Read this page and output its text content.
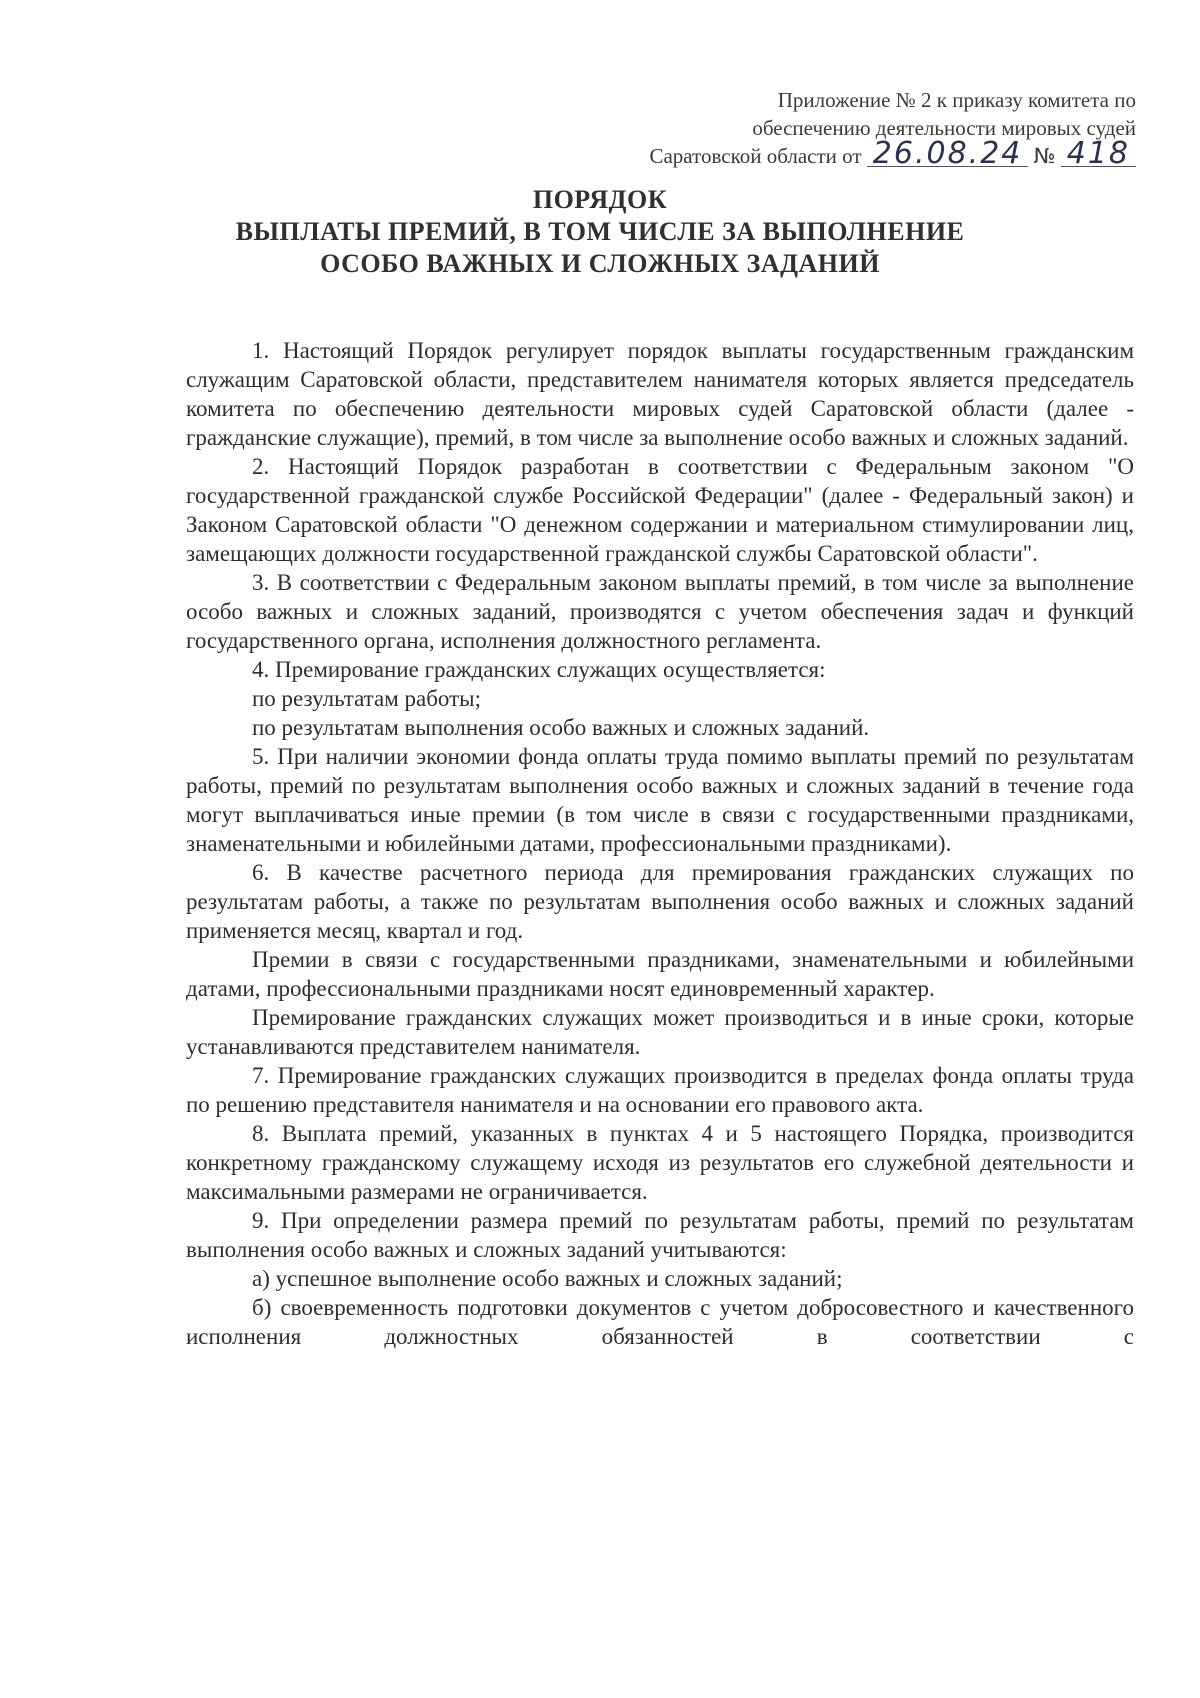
Приложение № 2 к приказу комитета по
обеспечению деятельности мировых судей
Саратовской области от 26.08.24 № 418
ПОРЯДОК
ВЫПЛАТЫ ПРЕМИЙ, В ТОМ ЧИСЛЕ ЗА ВЫПОЛНЕНИЕ
ОСОБО ВАЖНЫХ И СЛОЖНЫХ ЗАДАНИЙ

1. Настоящий Порядок регулирует порядок выплаты государственным гражданским служащим Саратовской области, представителем нанимателя которых является председатель комитета по обеспечению деятельности мировых судей Саратовской области (далее - гражданские служащие), премий, в том числе за выполнение особо важных и сложных заданий.

2. Настоящий Порядок разработан в соответствии с Федеральным законом "О государственной гражданской службе Российской Федерации" (далее - Федеральный закон) и Законом Саратовской области "О денежном содержании и материальном стимулировании лиц, замещающих должности государственной гражданской службы Саратовской области".

3. В соответствии с Федеральным законом выплаты премий, в том числе за выполнение особо важных и сложных заданий, производятся с учетом обеспечения задач и функций государственного органа, исполнения должностного регламента.

4. Премирование гражданских служащих осуществляется:

по результатам работы;

по результатам выполнения особо важных и сложных заданий.

5. При наличии экономии фонда оплаты труда помимо выплаты премий по результатам работы, премий по результатам выполнения особо важных и сложных заданий в течение года могут выплачиваться иные премии (в том числе в связи с государственными праздниками, знаменательными и юбилейными датами, профессиональными праздниками).

6. В качестве расчетного периода для премирования гражданских служащих по результатам работы, а также по результатам выполнения особо важных и сложных заданий применяется месяц, квартал и год.

Премии в связи с государственными праздниками, знаменательными и юбилейными датами, профессиональными праздниками носят единовременный характер.

Премирование гражданских служащих может производиться и в иные сроки, которые устанавливаются представителем нанимателя.

7. Премирование гражданских служащих производится в пределах фонда оплаты труда по решению представителя нанимателя и на основании его правового акта.

8. Выплата премий, указанных в пунктах 4 и 5 настоящего Порядка, производится конкретному гражданскому служащему исходя из результатов его служебной деятельности и максимальными размерами не ограничивается.

9. При определении размера премий по результатам работы, премий по результатам выполнения особо важных и сложных заданий учитываются:

а) успешное выполнение особо важных и сложных заданий;

б) своевременность подготовки документов с учетом добросовестного и качественного исполнения должностных обязанностей в соответствии с
